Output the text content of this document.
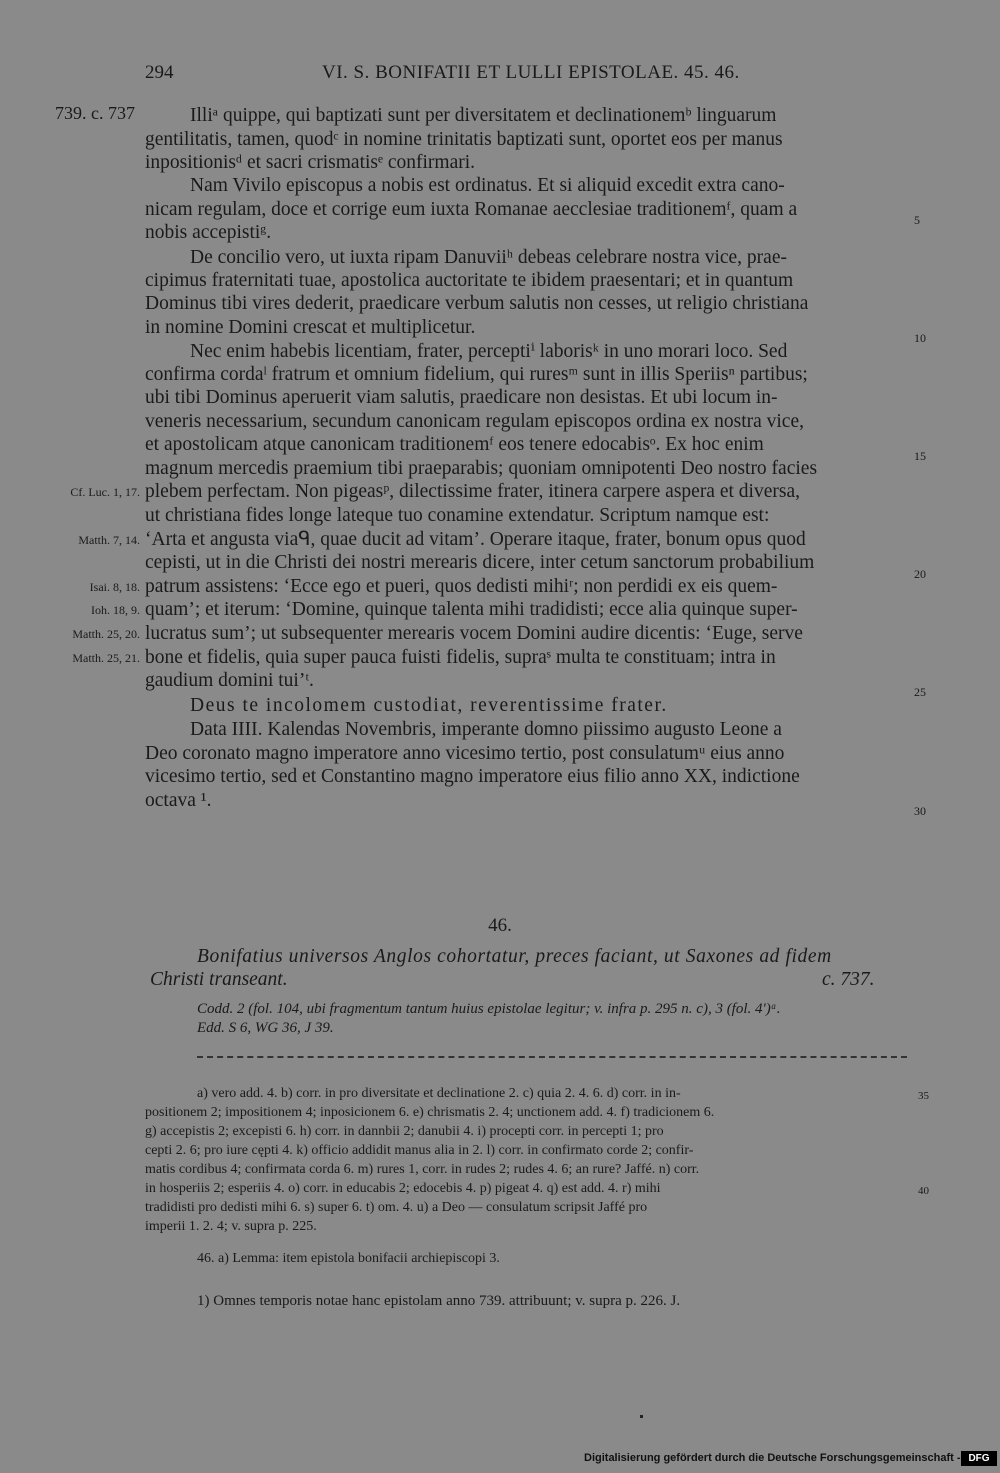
294	VI. S. BONIFATII ET LULLI EPISTOLAE. 45. 46.
739. c. 737	Illiᵃ quippe, qui baptizati sunt per diversitatem et declinationemᵇ linguarum
gentilitatis, tamen, quodᶜ in nomine trinitatis baptizati sunt, oportet eos per manus
inpositionisᵈ et sacri crismatisᵉ confirmari.
Nam Vivilo episcopus a nobis est ordinatus. Et si aliquid excedit extra cano-
nicam regulam, doce et corrige eum iuxta Romanae aecclesiae traditionemᶠ, quam a
nobis accepistiᵍ.
De concilio vero, ut iuxta ripam Danuviiʰ debeas celebrare nostra vice, prae-
cipimus fraternitati tuae, apostolica auctoritate te ibidem praesentari; et in quantum
Dominus tibi vires dederit, praedicare verbum salutis non cesses, ut religio christiana
in nomine Domini crescat et multiplicetur.
Nec enim habebis licentiam, frater, perceptiⁱ laborisᵏ in uno morari loco. Sed
confirma cordaˡ fratrum et omnium fidelium, qui ruresᵐ sunt in illis Speriisⁿ partibus;
ubi tibi Dominus aperuerit viam salutis, praedicare non desistas. Et ubi locum in-
veneris necessarium, secundum canonicam regulam episcopos ordina ex nostra vice,
et apostolicam atque canonicam traditionemᶠ eos tenere edocabisᵒ. Ex hoc enim
magnum mercedis praemium tibi praeparabis; quoniam omnipotenti Deo nostro facies
plebem perfectam. Non pigeasᵖ, dilectissime frater, itinera carpere aspera et diversa,
ut christiana fides longe lateque tuo conamine extendatur. Scriptum namque est:
‘Arta et angusta viaᑫ, quae ducit ad vitam’. Operare itaque, frater, bonum opus quod
cepisti, ut in die Christi dei nostri merearis dicere, inter cetum sanctorum probabilium
patrum assistens: ‘Ecce ego et pueri, quos dedisti mihiʳ; non perdidi ex eis quem-
quam’; et iterum: ‘Domine, quinque talenta mihi tradidisti; ecce alia quinque super-
lucratus sum’; ut subsequenter merearis vocem Domini audire dicentis: ‘Euge, serve
bone et fidelis, quia super pauca fuisti fidelis, supraˢ multa te constituam; intra in
gaudium domini tui’ᵗ.
Deus te incolomem custodiat, reverentissime frater.
Data IIII. Kalendas Novembris, imperante domno piissimo augusto Leone a
Deo coronato magno imperatore anno vicesimo tertio, post consulatumᵘ eius anno
vicesimo tertio, sed et Constantino magno imperatore eius filio anno XX, indictione
octava ¹.
Cf. Luc. 1, 17.
Matth. 7, 14.
Isai. 8, 18.
Ioh. 18, 9.
Matth. 25, 20.
Matth. 25, 21.
5
10
15
20
25
30
46.
Bonifatius universos Anglos cohortatur, preces faciant, ut Saxones ad fidem
Christi transeant.	c. 737.
Codd. 2 (fol. 104, ubi fragmentum tantum huius epistolae legitur; v. infra p. 295 n. c), 3 (fol. 4')ᵃ.
Edd. S 6, WG 36, J 39.
a) vero add. 4. b) corr. in pro diversitate et declinatione 2. c) quia 2. 4. 6. d) corr. in in-
positionem 2; impositionem 4; inposicionem 6. e) chrismatis 2. 4; unctionem add. 4. f) tradicionem 6.
g) accepistis 2; excepisti 6. h) corr. in dannbii 2; danubii 4. i) procepti corr. in percepti 1; pro
cepti 2. 6; pro iure cępti 4. k) officio addidit manus alia in 2. l) corr. in confirmato corde 2; confir-
matis cordibus 4; confirmata corda 6. m) rures 1, corr. in rudes 2; rudes 4. 6; an rure? Jaffé. n) corr.
in hosperiis 2; esperiis 4. o) corr. in educabis 2; edocebis 4. p) pigeat 4. q) est add. 4. r) mihi
tradidisti pro dedisti mihi 6. s) super 6. t) om. 4. u) a Deo — consulatum scripsit Jaffé pro
imperii 1. 2. 4; v. supra p. 225.
35
40
46. a) Lemma: item epistola bonifacii archiepiscopi 3.
1) Omnes temporis notae hanc epistolam anno 739. attribuunt; v. supra p. 226. J.
Digitalisierung gefördert durch die Deutsche Forschungsgemeinschaft - DFG
